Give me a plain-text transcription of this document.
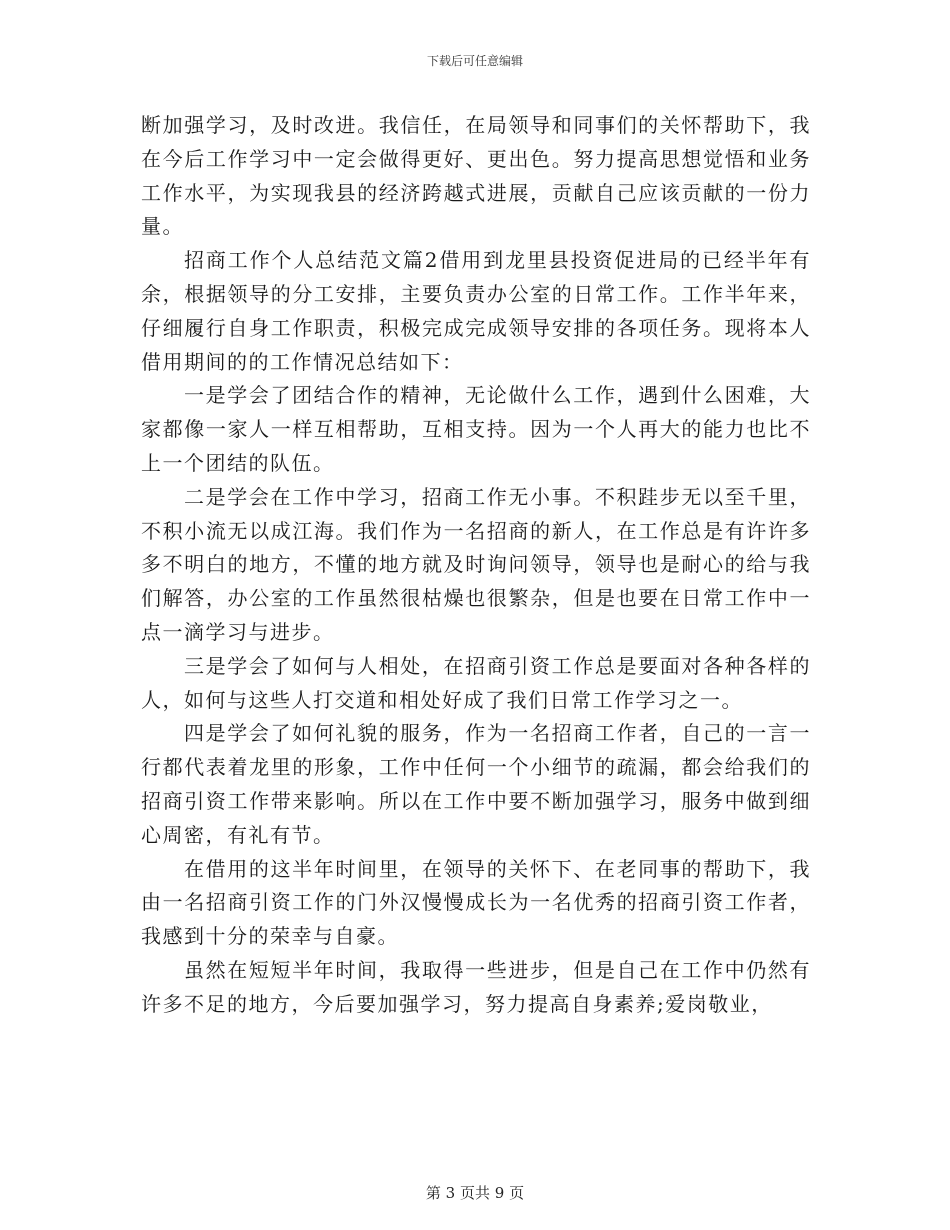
下载后可任意编辑

断加强学习，及时改进。我信任，在局领导和同事们的关怀帮助下，我在今后工作学习中一定会做得更好、更出色。努力提高思想觉悟和业务工作水平，为实现我县的经济跨越式进展，贡献自己应该贡献的一份力量。

招商工作个人总结范文篇2借用到龙里县投资促进局的已经半年有余，根据领导的分工安排，主要负责办公室的日常工作。工作半年来，仔细履行自身工作职责，积极完成完成领导安排的各项任务。现将本人借用期间的的工作情况总结如下：

一是学会了团结合作的精神，无论做什么工作，遇到什么困难，大家都像一家人一样互相帮助，互相支持。因为一个人再大的能力也比不上一个团结的队伍。

二是学会在工作中学习，招商工作无小事。不积跬步无以至千里，不积小流无以成江海。我们作为一名招商的新人，在工作总是有许许多多不明白的地方，不懂的地方就及时询问领导，领导也是耐心的给与我们解答，办公室的工作虽然很枯燥也很繁杂，但是也要在日常工作中一点一滴学习与进步。

三是学会了如何与人相处，在招商引资工作总是要面对各种各样的人，如何与这些人打交道和相处好成了我们日常工作学习之一。

四是学会了如何礼貌的服务，作为一名招商工作者，自己的一言一行都代表着龙里的形象，工作中任何一个小细节的疏漏，都会给我们的招商引资工作带来影响。所以在工作中要不断加强学习，服务中做到细心周密，有礼有节。

在借用的这半年时间里，在领导的关怀下、在老同事的帮助下，我由一名招商引资工作的门外汉慢慢成长为一名优秀的招商引资工作者，我感到十分的荣幸与自豪。

虽然在短短半年时间，我取得一些进步，但是自己在工作中仍然有许多不足的地方，今后要加强学习，努力提高自身素养;爱岗敬业，

第 3 页共 9 页
